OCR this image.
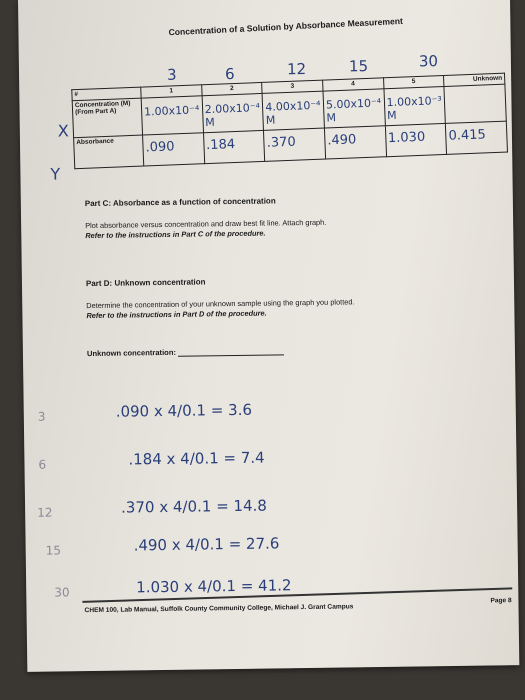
Concentration of a Solution by Absorbance Measurement
3	6	12	15	30
#	1	2	3	4	5	Unknown
Concentration (M) (From Part A)	1.00x10⁻⁴	2.00x10⁻⁴ M	4.00x10⁻⁴ M	5.00x10⁻⁴ M	1.00x10⁻³ M	

Absorbance	.090	.184	.370	.490	1.030	0.415
X
Y
Part C: Absorbance as a function of concentration
Plot absorbance versus concentration and draw best fit line. Attach graph.
Refer to the instructions in Part C of the procedure.
Part D: Unknown concentration
Determine the concentration of your unknown sample using the graph you plotted.
Refer to the instructions in Part D of the procedure.
Unknown concentration:
3	.090 x 4/0.1 = 3.6
6	.184 x 4/0.1 = 7.4
12	.370 x 4/0.1 = 14.8
15	.490 x 4/0.1 = 27.6
30	1.030 x 4/0.1 = 41.2
CHEM 100, Lab Manual, Suffolk County Community College, Michael J. Grant Campus
Page 8
